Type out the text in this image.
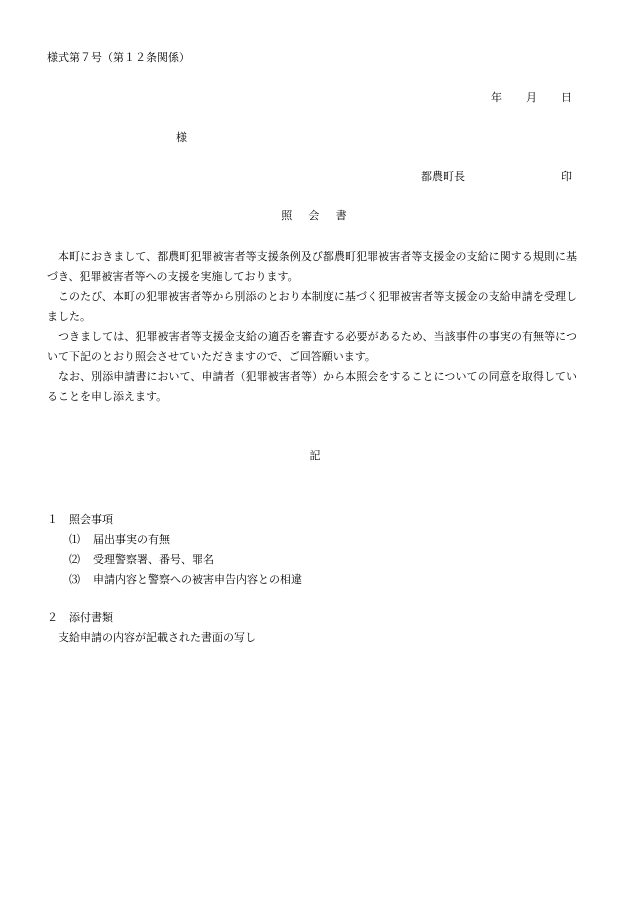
様式第７号（第１２条関係）
年 月 日
様
都農町長	印
照 会 書

本町におきまして、都農町犯罪被害者等支援条例及び都農町犯罪被害者等支援金の支給に関する規則に基づき、犯罪被害者等への支援を実施しております。

このたび、本町の犯罪被害者等から別添のとおり本制度に基づく犯罪被害者等支援金の支給申請を受理しました。

つきましては、犯罪被害者等支援金支給の適否を審査する必要があるため、当該事件の事実の有無等について下記のとおり照会させていただきますので、ご回答願います。

なお、別添申請書において、申請者（犯罪被害者等）から本照会をすることについての同意を取得していることを申し添えます。

記
１ 照会事項
⑴ 届出事実の有無
⑵ 受理警察署、番号、罪名
⑶ 申請内容と警察への被害申告内容との相違
２ 添付書類
支給申請の内容が記載された書面の写し
